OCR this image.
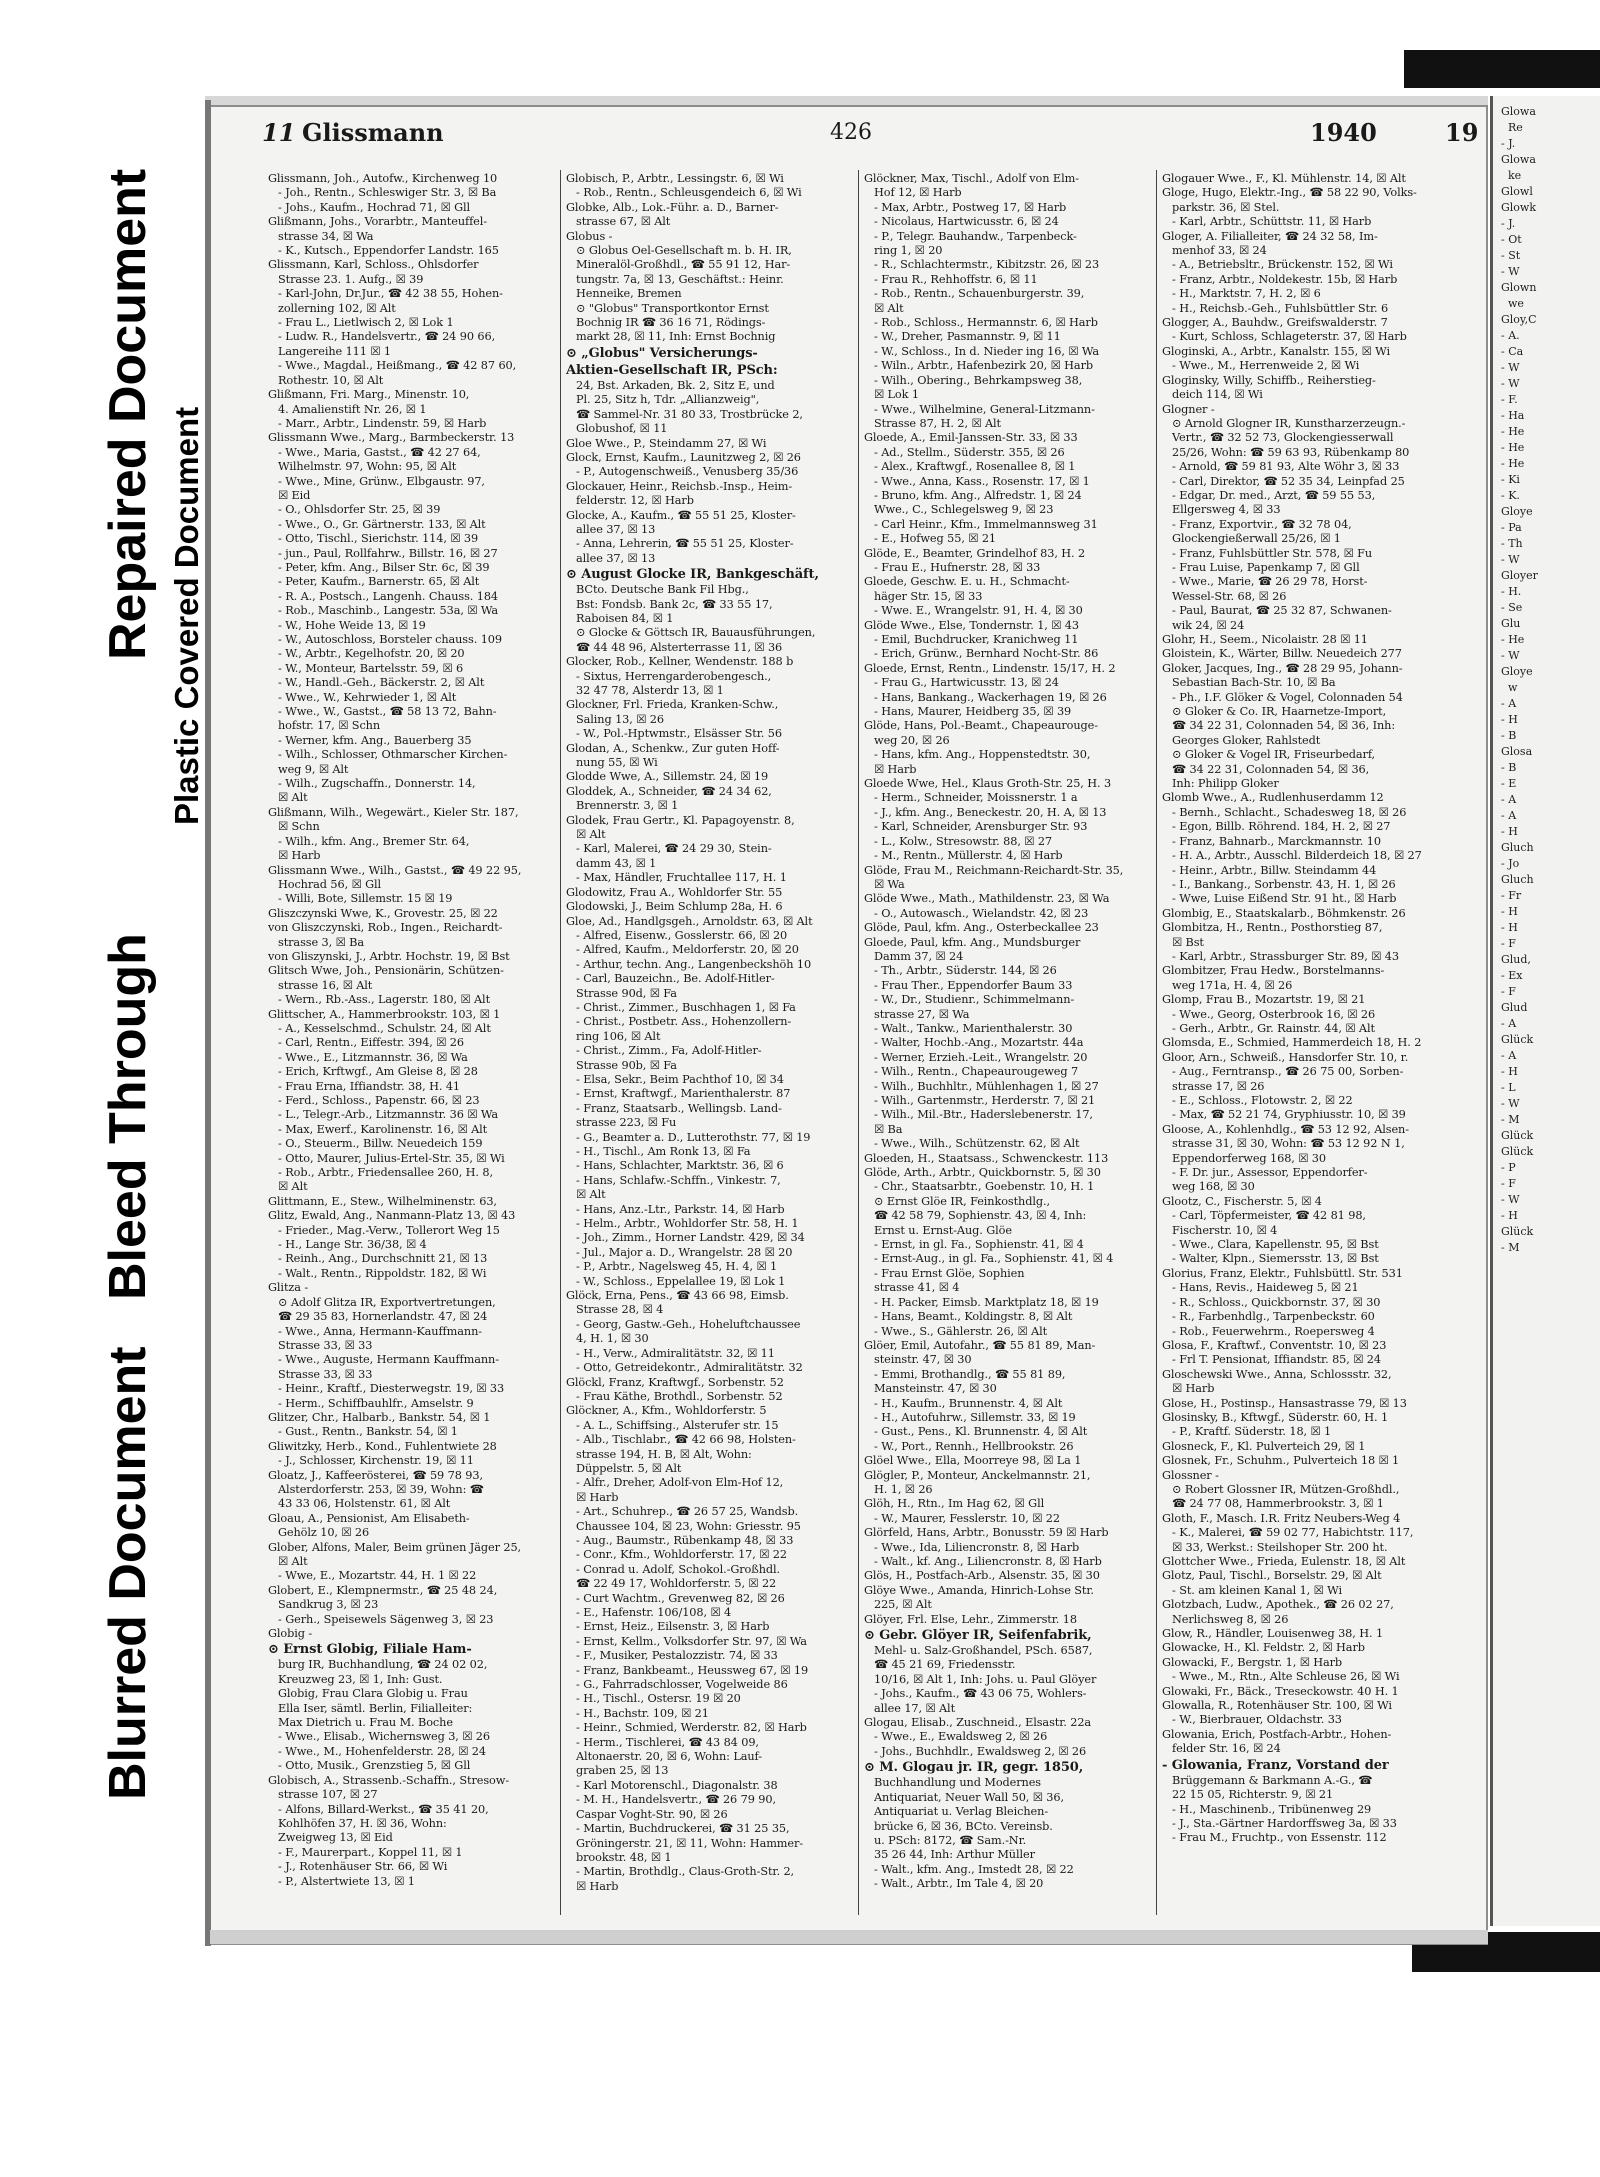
Bleed Through
Repaired Document Plastic Covered Document
Blurred Document
Glowa
Re
- J.
Glowa
ke
Glowl
Glowk
- J.
- Ot
- St
- W
Glown
we
Gloy,C
- A.
- Ca
- W
- W
- F.
- Ha
- He
- He
- He
- Ki
- K.
Gloye
- Pa
- Th
- W
Gloyer
- H.
- Se
Glu
- He
- W
Gloye
w
- A
- H
- B
Glosa
- B
- E
- A
- A
- H
Gluch
- Jo
Gluch
- Fr
- H
- H
- F
Glud,
- Ex
- F
Glud
- A
Glück
- A
- H
- L
- W
- M
Glück
Glück
- P
- F
- W
- H
Glück
- M
11 Glissmann	426	1940	19
Glissmann, Joh., Autofw., Kirchenweg 10
- Joh., Rentn., Schleswiger Str. 3, ☒ Ba
- Johs., Kaufm., Hochrad 71, ☒ Gll
Glißmann, Johs., Vorarbtr., Manteuffel-
strasse 34, ☒ Wa
- K., Kutsch., Eppendorfer Landstr. 165
Glissmann, Karl, Schloss., Ohlsdorfer
Strasse 23. 1. Aufg., ☒ 39
- Karl-John, Dr.Jur., ☎ 42 38 55, Hohen-
zollerning 102, ☒ Alt
- Frau L., Lietlwisch 2, ☒ Lok 1
- Ludw. R., Handelsvertr., ☎ 24 90 66,
Langereihe 111 ☒ 1
- Wwe., Magdal., Heißmang., ☎ 42 87 60,
Rothestr. 10, ☒ Alt
Glißmann, Fri. Marg., Minenstr. 10,
4. Amalienstift Nr. 26, ☒ 1
- Marr., Arbtr., Lindenstr. 59, ☒ Harb
Glissmann Wwe., Marg., Barmbeckerstr. 13
- Wwe., Maria, Gastst., ☎ 42 27 64,
Wilhelmstr. 97, Wohn: 95, ☒ Alt
- Wwe., Mine, Grünw., Elbgaustr. 97,
☒ Eid
- O., Ohlsdorfer Str. 25, ☒ 39
- Wwe., O., Gr. Gärtnerstr. 133, ☒ Alt
- Otto, Tischl., Sierichstr. 114, ☒ 39
- jun., Paul, Rollfahrw., Billstr. 16, ☒ 27
- Peter, kfm. Ang., Bilser Str. 6c, ☒ 39
- Peter, Kaufm., Barnerstr. 65, ☒ Alt
- R. A., Postsch., Langenh. Chauss. 184
- Rob., Maschinb., Langestr. 53a, ☒ Wa
- W., Hohe Weide 13, ☒ 19
- W., Autoschloss, Borsteler chauss. 109
- W., Arbtr., Kegelhofstr. 20, ☒ 20
- W., Monteur, Bartelsstr. 59, ☒ 6
- W., Handl.-Geh., Bäckerstr. 2, ☒ Alt
- Wwe., W., Kehrwieder 1, ☒ Alt
- Wwe., W., Gastst., ☎ 58 13 72, Bahn-
hofstr. 17, ☒ Schn
- Werner, kfm. Ang., Bauerberg 35
- Wilh., Schlosser, Othmarscher Kirchen-
weg 9, ☒ Alt
- Wilh., Zugschaffn., Donnerstr. 14,
☒ Alt
Glißmann, Wilh., Wegewärt., Kieler Str. 187,
☒ Schn
- Wilh., kfm. Ang., Bremer Str. 64,
☒ Harb
Glissmann Wwe., Wilh., Gastst., ☎ 49 22 95,
Hochrad 56, ☒ Gll
- Willi, Bote, Sillemstr. 15 ☒ 19
Gliszczynski Wwe, K., Grovestr. 25, ☒ 22
von Gliszczynski, Rob., Ingen., Reichardt-
strasse 3, ☒ Ba
von Gliszynski, J., Arbtr. Hochstr. 19, ☒ Bst
Glitsch Wwe, Joh., Pensionärin, Schützen-
strasse 16, ☒ Alt
- Wern., Rb.-Ass., Lagerstr. 180, ☒ Alt
Glittscher, A., Hammerbrookstr. 103, ☒ 1
- A., Kesselschmd., Schulstr. 24, ☒ Alt
- Carl, Rentn., Eiffestr. 394, ☒ 26
- Wwe., E., Litzmannstr. 36, ☒ Wa
- Erich, Krftwgf., Am Gleise 8, ☒ 28
- Frau Erna, Iffiandstr. 38, H. 41
- Ferd., Schloss., Papenstr. 66, ☒ 23
- L., Telegr.-Arb., Litzmannstr. 36 ☒ Wa
- Max, Ewerf., Karolinenstr. 16, ☒ Alt
- O., Steuerm., Billw. Neuedeich 159
- Otto, Maurer, Julius-Ertel-Str. 35, ☒ Wi
- Rob., Arbtr., Friedensallee 260, H. 8,
☒ Alt
Glittmann, E., Stew., Wilhelminenstr. 63,
Glitz, Ewald, Ang., Nanmann-Platz 13, ☒ 43
- Frieder., Mag.-Verw., Tollerort Weg 15
- H., Lange Str. 36/38, ☒ 4
- Reinh., Ang., Durchschnitt 21, ☒ 13
- Walt., Rentn., Rippoldstr. 182, ☒ Wi
Glitza -
⊙ Adolf Glitza IR, Exportvertretungen,
☎ 29 35 83, Hornerlandstr. 47, ☒ 24
- Wwe., Anna, Hermann-Kauffmann-
Strasse 33, ☒ 33
- Wwe., Auguste, Hermann Kauffmann-
Strasse 33, ☒ 33
- Heinr., Kraftf., Diesterwegstr. 19, ☒ 33
- Herm., Schiffbauhlfr., Amselstr. 9
Glitzer, Chr., Halbarb., Bankstr. 54, ☒ 1
- Gust., Rentn., Bankstr. 54, ☒ 1
Gliwitzky, Herb., Kond., Fuhlentwiete 28
- J., Schlosser, Kirchenstr. 19, ☒ 11
Gloatz, J., Kaffeerösterei, ☎ 59 78 93,
Alsterdorferstr. 253, ☒ 39, Wohn: ☎
43 33 06, Holstenstr. 61, ☒ Alt
Gloau, A., Pensionist, Am Elisabeth-
Gehölz 10, ☒ 26
Glober, Alfons, Maler, Beim grünen Jäger 25,
☒ Alt
- Wwe, E., Mozartstr. 44, H. 1 ☒ 22
Globert, E., Klempnermstr., ☎ 25 48 24,
Sandkrug 3, ☒ 23
- Gerh., Speisewels Sägenweg 3, ☒ 23
Globig -
⊙ Ernst Globig, Filiale Ham-
burg IR, Buchhandlung, ☎ 24 02 02,
Kreuzweg 23, ☒ 1, Inh: Gust.
Globig, Frau Clara Globig u. Frau
Ella Iser, sämtl. Berlin, Filialleiter:
Max Dietrich u. Frau M. Boche
- Wwe., Elisab., Wichernsweg 3, ☒ 26
- Wwe., M., Hohenfelderstr. 28, ☒ 24
- Otto, Musik., Grenzstieg 5, ☒ Gll
Globisch, A., Strassenb.-Schaffn., Stresow-
strasse 107, ☒ 27
- Alfons, Billard-Werkst., ☎ 35 41 20,
Kohlhöfen 37, H. ☒ 36, Wohn:
Zweigweg 13, ☒ Eid
- F., Maurerpart., Koppel 11, ☒ 1
- J., Rotenhäuser Str. 66, ☒ Wi
- P., Alstertwiete 13, ☒ 1
Globisch, P., Arbtr., Lessingstr. 6, ☒ Wi
- Rob., Rentn., Schleusgendeich 6, ☒ Wi
Globke, Alb., Lok.-Führ. a. D., Barner-
strasse 67, ☒ Alt
Globus -
⊙ Globus Oel-Gesellschaft m. b. H. IR,
Mineralöl-Großhdl., ☎ 55 91 12, Har-
tungstr. 7a, ☒ 13, Geschäftst.: Heinr.
Henneike, Bremen
⊙ "Globus" Transportkontor Ernst
Bochnig IR ☎ 36 16 71, Rödings-
markt 28, ☒ 11, Inh: Ernst Bochnig
⊙ „Globus" Versicherungs-
Aktien-Gesellschaft IR, PSch:
24, Bst. Arkaden, Bk. 2, Sitz E, und
Pl. 25, Sitz h, Tdr. „Allianzweig",
☎ Sammel-Nr. 31 80 33, Trostbrücke 2,
Globushof, ☒ 11
Gloe Wwe., P., Steindamm 27, ☒ Wi
Glock, Ernst, Kaufm., Launitzweg 2, ☒ 26
- P., Autogenschweiß., Venusberg 35/36
Glockauer, Heinr., Reichsb.-Insp., Heim-
felderstr. 12, ☒ Harb
Glocke, A., Kaufm., ☎ 55 51 25, Kloster-
allee 37, ☒ 13
- Anna, Lehrerin, ☎ 55 51 25, Kloster-
allee 37, ☒ 13
⊙ August Glocke IR, Bankgeschäft,
BCto. Deutsche Bank Fil Hbg.,
Bst: Fondsb. Bank 2c, ☎ 33 55 17,
Raboisen 84, ☒ 1
⊙ Glocke & Göttsch IR, Bauausführungen,
☎ 44 48 96, Alsterterrasse 11, ☒ 36
Glocker, Rob., Kellner, Wendenstr. 188 b
- Sixtus, Herrengarderobengesch.,
32 47 78, Alsterdr 13, ☒ 1
Glockner, Frl. Frieda, Kranken-Schw.,
Saling 13, ☒ 26
- W., Pol.-Hptwmstr., Elsässer Str. 56
Glodan, A., Schenkw., Zur guten Hoff-
nung 55, ☒ Wi
Glodde Wwe, A., Sillemstr. 24, ☒ 19
Gloddek, A., Schneider, ☎ 24 34 62,
Brennerstr. 3, ☒ 1
Glodek, Frau Gertr., Kl. Papagoyenstr. 8,
☒ Alt
- Karl, Malerei, ☎ 24 29 30, Stein-
damm 43, ☒ 1
- Max, Händler, Fruchtallee 117, H. 1
Glodowitz, Frau A., Wohldorfer Str. 55
Glodowski, J., Beim Schlump 28a, H. 6
Gloe, Ad., Handlgsgeh., Arnoldstr. 63, ☒ Alt
- Alfred, Eisenw., Gosslerstr. 66, ☒ 20
- Alfred, Kaufm., Meldorferstr. 20, ☒ 20
- Arthur, techn. Ang., Langenbeckshöh 10
- Carl, Bauzeichn., Be. Adolf-Hitler-
Strasse 90d, ☒ Fa
- Christ., Zimmer., Buschhagen 1, ☒ Fa
- Christ., Postbetr. Ass., Hohenzollern-
ring 106, ☒ Alt
- Christ., Zimm., Fa, Adolf-Hitler-
Strasse 90b, ☒ Fa
- Elsa, Sekr., Beim Pachthof 10, ☒ 34
- Ernst, Kraftwgf., Marienthalerstr. 87
- Franz, Staatsarb., Wellingsb. Land-
strasse 223, ☒ Fu
- G., Beamter a. D., Lutterothstr. 77, ☒ 19
- H., Tischl., Am Ronk 13, ☒ Fa
- Hans, Schlachter, Marktstr. 36, ☒ 6
- Hans, Schlafw.-Schffn., Vinkestr. 7,
☒ Alt
- Hans, Anz.-Ltr., Parkstr. 14, ☒ Harb
- Helm., Arbtr., Wohldorfer Str. 58, H. 1
- Joh., Zimm., Horner Landstr. 429, ☒ 34
- Jul., Major a. D., Wrangelstr. 28 ☒ 20
- P., Arbtr., Nagelsweg 45, H. 4, ☒ 1
- W., Schloss., Eppelallee 19, ☒ Lok 1
Glöck, Erna, Pens., ☎ 43 66 98, Eimsb.
Strasse 28, ☒ 4
- Georg, Gastw.-Geh., Hoheluftchaussee
4, H. 1, ☒ 30
- H., Verw., Admiralitätstr. 32, ☒ 11
- Otto, Getreidekontr., Admiralitätstr. 32
Glöckl, Franz, Kraftwgf., Sorbenstr. 52
- Frau Käthe, Brothdl., Sorbenstr. 52
Glöckner, A., Kfm., Wohldorferstr. 5
- A. L., Schiffsing., Alsterufer str. 15
- Alb., Tischlabr., ☎ 42 66 98, Holsten-
strasse 194, H. B, ☒ Alt, Wohn:
Düppelstr. 5, ☒ Alt
- Alfr., Dreher, Adolf-von Elm-Hof 12,
☒ Harb
- Art., Schuhrep., ☎ 26 57 25, Wandsb.
Chaussee 104, ☒ 23, Wohn: Griesstr. 95
- Aug., Baumstr., Rübenkamp 48, ☒ 33
- Conr., Kfm., Wohldorferstr. 17, ☒ 22
- Conrad u. Adolf, Schokol.-Großhdl.
☎ 22 49 17, Wohldorferstr. 5, ☒ 22
- Curt Wachtm., Grevenweg 82, ☒ 26
- E., Hafenstr. 106/108, ☒ 4
- Ernst, Heiz., Eilsenstr. 3, ☒ Harb
- Ernst, Kellm., Volksdorfer Str. 97, ☒ Wa
- F., Musiker, Pestalozzistr. 74, ☒ 33
- Franz, Bankbeamt., Heussweg 67, ☒ 19
- G., Fahrradschlosser, Vogelweide 86
- H., Tischl., Ostersr. 19 ☒ 20
- H., Bachstr. 109, ☒ 21
- Heinr., Schmied, Werderstr. 82, ☒ Harb
- Herm., Tischlerei, ☎ 43 84 09,
Altonaerstr. 20, ☒ 6, Wohn: Lauf-
graben 25, ☒ 13
- Karl Motorenschl., Diagonalstr. 38
- M. H., Handelsvertr., ☎ 26 79 90,
Caspar Voght-Str. 90, ☒ 26
- Martin, Buchdruckerei, ☎ 31 25 35,
Gröningerstr. 21, ☒ 11, Wohn: Hammer-
brookstr. 48, ☒ 1
- Martin, Brothdlg., Claus-Groth-Str. 2,
☒ Harb
Glöckner, Max, Tischl., Adolf von Elm-
Hof 12, ☒ Harb
- Max, Arbtr., Postweg 17, ☒ Harb
- Nicolaus, Hartwicusstr. 6, ☒ 24
- P., Telegr. Bauhandw., Tarpenbeck-
ring 1, ☒ 20
- R., Schlachtermstr., Kibitzstr. 26, ☒ 23
- Frau R., Rehhoffstr. 6, ☒ 11
- Rob., Rentn., Schauenburgerstr. 39,
☒ Alt
- Rob., Schloss., Hermannstr. 6, ☒ Harb
- W., Dreher, Pasmannstr. 9, ☒ 11
- W., Schloss., In d. Nieder ing 16, ☒ Wa
- Wiln., Arbtr., Hafenbezirk 20, ☒ Harb
- Wilh., Obering., Behrkampsweg 38,
☒ Lok 1
- Wwe., Wilhelmine, General-Litzmann-
Strasse 87, H. 2, ☒ Alt
Gloede, A., Emil-Janssen-Str. 33, ☒ 33
- Ad., Stellm., Süderstr. 355, ☒ 26
- Alex., Kraftwgf., Rosenallee 8, ☒ 1
- Wwe., Anna, Kass., Rosenstr. 17, ☒ 1
- Bruno, kfm. Ang., Alfredstr. 1, ☒ 24
Wwe., C., Schlegelsweg 9, ☒ 23
- Carl Heinr., Kfm., Immelmannsweg 31
- E., Hofweg 55, ☒ 21
Glöde, E., Beamter, Grindelhof 83, H. 2
- Frau E., Hufnerstr. 28, ☒ 33
Gloede, Geschw. E. u. H., Schmacht-
häger Str. 15, ☒ 33
- Wwe. E., Wrangelstr. 91, H. 4, ☒ 30
Glöde Wwe., Else, Tondernstr. 1, ☒ 43
- Emil, Buchdrucker, Kranichweg 11
- Erich, Grünw., Bernhard Nocht-Str. 86
Gloede, Ernst, Rentn., Lindenstr. 15/17, H. 2
- Frau G., Hartwicusstr. 13, ☒ 24
- Hans, Bankang., Wackerhagen 19, ☒ 26
- Hans, Maurer, Heidberg 35, ☒ 39
Glöde, Hans, Pol.-Beamt., Chapeaurouge-
weg 20, ☒ 26
- Hans, kfm. Ang., Hoppenstedtstr. 30,
☒ Harb
Gloede Wwe, Hel., Klaus Groth-Str. 25, H. 3
- Herm., Schneider, Moissnerstr. 1 a
- J., kfm. Ang., Beneckestr. 20, H. A, ☒ 13
- Karl, Schneider, Arensburger Str. 93
- L., Kolw., Stresowstr. 88, ☒ 27
- M., Rentn., Müllerstr. 4, ☒ Harb
Glöde, Frau M., Reichmann-Reichardt-Str. 35,
☒ Wa
Glöde Wwe., Math., Mathildenstr. 23, ☒ Wa
- O., Autowasch., Wielandstr. 42, ☒ 23
Glöde, Paul, kfm. Ang., Osterbeckallee 23
Gloede, Paul, kfm. Ang., Mundsburger
Damm 37, ☒ 24
- Th., Arbtr., Süderstr. 144, ☒ 26
- Frau Ther., Eppendorfer Baum 33
- W., Dr., Studienr., Schimmelmann-
strasse 27, ☒ Wa
- Walt., Tankw., Marienthalerstr. 30
- Walter, Hochb.-Ang., Mozartstr. 44a
- Werner, Erzieh.-Leit., Wrangelstr. 20
- Wilh., Rentn., Chapeaurougeweg 7
- Wilh., Buchhltr., Mühlenhagen 1, ☒ 27
- Wilh., Gartenmstr., Herderstr. 7, ☒ 21
- Wilh., Mil.-Btr., Haderslebenerstr. 17,
☒ Ba
- Wwe., Wilh., Schützenstr. 62, ☒ Alt
Gloeden, H., Staatsass., Schwenckestr. 113
Glöde, Arth., Arbtr., Quickbornstr. 5, ☒ 30
- Chr., Staatsarbtr., Goebenstr. 10, H. 1
⊙ Ernst Glöe IR, Feinkosthdlg.,
☎ 42 58 79, Sophienstr. 43, ☒ 4, Inh:
Ernst u. Ernst-Aug. Glöe
- Ernst, in gl. Fa., Sophienstr. 41, ☒ 4
- Ernst-Aug., in gl. Fa., Sophienstr. 41, ☒ 4
- Frau Ernst Glöe, Sophien
strasse 41, ☒ 4
- H. Packer, Eimsb. Marktplatz 18, ☒ 19
- Hans, Beamt., Koldingstr. 8, ☒ Alt
- Wwe., S., Gählerstr. 26, ☒ Alt
Glöer, Emil, Autofahr., ☎ 55 81 89, Man-
steinstr. 47, ☒ 30
- Emmi, Brothandlg., ☎ 55 81 89,
Mansteinstr. 47, ☒ 30
- H., Kaufm., Brunnenstr. 4, ☒ Alt
- H., Autofuhrw., Sillemstr. 33, ☒ 19
- Gust., Pens., Kl. Brunnenstr. 4, ☒ Alt
- W., Port., Rennh., Hellbrookstr. 26
Glöel Wwe., Ella, Moorreye 98, ☒ La 1
Glögler, P., Monteur, Anckelmannstr. 21,
H. 1, ☒ 26
Glöh, H., Rtn., Im Hag 62, ☒ Gll
- W., Maurer, Fesslerstr. 10, ☒ 22
Glörfeld, Hans, Arbtr., Bonusstr. 59 ☒ Harb
- Wwe., Ida, Liliencronstr. 8, ☒ Harb
- Walt., kf. Ang., Liliencronstr. 8, ☒ Harb
Glös, H., Postfach-Arb., Alsenstr. 35, ☒ 30
Glöye Wwe., Amanda, Hinrich-Lohse Str.
225, ☒ Alt
Glöyer, Frl. Else, Lehr., Zimmerstr. 18
⊙ Gebr. Glöyer IR, Seifenfabrik,
Mehl- u. Salz-Großhandel, PSch. 6587,
☎ 45 21 69, Friedensstr.
10/16, ☒ Alt 1, Inh: Johs. u. Paul Glöyer
- Johs., Kaufm., ☎ 43 06 75, Wohlers-
allee 17, ☒ Alt
Glogau, Elisab., Zuschneid., Elsastr. 22a
- Wwe., E., Ewaldsweg 2, ☒ 26
- Johs., Buchhdlr., Ewaldsweg 2, ☒ 26
⊙ M. Glogau jr. IR, gegr. 1850,
Buchhandlung und Modernes
Antiquariat, Neuer Wall 50, ☒ 36,
Antiquariat u. Verlag Bleichen-
brücke 6, ☒ 36, BCto. Vereinsb.
u. PSch: 8172, ☎ Sam.-Nr.
35 26 44, Inh: Arthur Müller
- Walt., kfm. Ang., Imstedt 28, ☒ 22
- Walt., Arbtr., Im Tale 4, ☒ 20
Glogauer Wwe., F., Kl. Mühlenstr. 14, ☒ Alt
Gloge, Hugo, Elektr.-Ing., ☎ 58 22 90, Volks-
parkstr. 36, ☒ Stel.
- Karl, Arbtr., Schüttstr. 11, ☒ Harb
Gloger, A. Filialleiter, ☎ 24 32 58, Im-
menhof 33, ☒ 24
- A., Betriebsltr., Brückenstr. 152, ☒ Wi
- Franz, Arbtr., Noldekestr. 15b, ☒ Harb
- H., Marktstr. 7, H. 2, ☒ 6
- H., Reichsb.-Geh., Fuhlsbüttler Str. 6
Glogger, A., Bauhdw., Greifswalderstr. 7
- Kurt, Schloss, Schlageterstr. 37, ☒ Harb
Gloginski, A., Arbtr., Kanalstr. 155, ☒ Wi
- Wwe., M., Herrenweide 2, ☒ Wi
Gloginsky, Willy, Schiffb., Reiherstieg-
deich 114, ☒ Wi
Glogner -
⊙ Arnold Glogner IR, Kunstharzerzeugn.-
Vertr., ☎ 32 52 73, Glockengiesserwall
25/26, Wohn: ☎ 59 63 93, Rübenkamp 80
- Arnold, ☎ 59 81 93, Alte Wöhr 3, ☒ 33
- Carl, Direktor, ☎ 52 35 34, Leinpfad 25
- Edgar, Dr. med., Arzt, ☎ 59 55 53,
Ellgersweg 4, ☒ 33
- Franz, Exportvir., ☎ 32 78 04,
Glockengießerwall 25/26, ☒ 1
- Franz, Fuhlsbüttler Str. 578, ☒ Fu
- Frau Luise, Papenkamp 7, ☒ Gll
- Wwe., Marie, ☎ 26 29 78, Horst-
Wessel-Str. 68, ☒ 26
- Paul, Baurat, ☎ 25 32 87, Schwanen-
wik 24, ☒ 24
Glohr, H., Seem., Nicolaistr. 28 ☒ 11
Gloistein, K., Wärter, Billw. Neuedeich 277
Gloker, Jacques, Ing., ☎ 28 29 95, Johann-
Sebastian Bach-Str. 10, ☒ Ba
- Ph., I.F. Glöker & Vogel, Colonnaden 54
⊙ Gloker & Co. IR, Haarnetze-Import,
☎ 34 22 31, Colonnaden 54, ☒ 36, Inh:
Georges Gloker, Rahlstedt
⊙ Gloker & Vogel IR, Friseurbedarf,
☎ 34 22 31, Colonnaden 54, ☒ 36,
Inh: Philipp Gloker
Glomb Wwe., A., Rudlenhuserdamm 12
- Bernh., Schlacht., Schadesweg 18, ☒ 26
- Egon, Billb. Röhrend. 184, H. 2, ☒ 27
- Franz, Bahnarb., Marckmannstr. 10
- H. A., Arbtr., Ausschl. Bilderdeich 18, ☒ 27
- Heinr., Arbtr., Billw. Steindamm 44
- I., Bankang., Sorbenstr. 43, H. 1, ☒ 26
- Wwe, Luise Eißend Str. 91 ht., ☒ Harb
Glombig, E., Staatskalarb., Böhmkenstr. 26
Glombitza, H., Rentn., Posthorstieg 87,
☒ Bst
- Karl, Arbtr., Strassburger Str. 89, ☒ 43
Glombitzer, Frau Hedw., Borstelmanns-
weg 171a, H. 4, ☒ 26
Glomp, Frau B., Mozartstr. 19, ☒ 21
- Wwe., Georg, Osterbrook 16, ☒ 26
- Gerh., Arbtr., Gr. Rainstr. 44, ☒ Alt
Glomsda, E., Schmied, Hammerdeich 18, H. 2
Gloor, Arn., Schweiß., Hansdorfer Str. 10, r.
- Aug., Ferntransp., ☎ 26 75 00, Sorben-
strasse 17, ☒ 26
- E., Schloss., Flotowstr. 2, ☒ 22
- Max, ☎ 52 21 74, Gryphiusstr. 10, ☒ 39
Gloose, A., Kohlenhdlg., ☎ 53 12 92, Alsen-
strasse 31, ☒ 30, Wohn: ☎ 53 12 92 N 1,
Eppendorferweg 168, ☒ 30
- F. Dr. jur., Assessor, Eppendorfer-
weg 168, ☒ 30
Glootz, C., Fischerstr. 5, ☒ 4
- Carl, Töpfermeister, ☎ 42 81 98,
Fischerstr. 10, ☒ 4
- Wwe., Clara, Kapellenstr. 95, ☒ Bst
- Walter, Klpn., Siemersstr. 13, ☒ Bst
Glorius, Franz, Elektr., Fuhlsbüttl. Str. 531
- Hans, Revis., Haideweg 5, ☒ 21
- R., Schloss., Quickbornstr. 37, ☒ 30
- R., Farbenhdlg., Tarpenbeckstr. 60
- Rob., Feuerwehrm., Roepersweg 4
Glosa, F., Kraftwf., Conventstr. 10, ☒ 23
- Frl T. Pensionat, Iffiandstr. 85, ☒ 24
Gloschewski Wwe., Anna, Schlossstr. 32,
☒ Harb
Glose, H., Postinsp., Hansastrasse 79, ☒ 13
Glosinsky, B., Kftwgf., Süderstr. 60, H. 1
- P., Kraftf. Süderstr. 18, ☒ 1
Glosneck, F., Kl. Pulverteich 29, ☒ 1
Glosnek, Fr., Schuhm., Pulverteich 18 ☒ 1
Glossner -
⊙ Robert Glossner IR, Mützen-Großhdl.,
☎ 24 77 08, Hammerbrookstr. 3, ☒ 1
Gloth, F., Masch. I.R. Fritz Neubers-Weg 4
- K., Malerei, ☎ 59 02 77, Habichtstr. 117,
☒ 33, Werkst.: Steilshoper Str. 200 ht.
Glottcher Wwe., Frieda, Eulenstr. 18, ☒ Alt
Glotz, Paul, Tischl., Borselstr. 29, ☒ Alt
- St. am kleinen Kanal 1, ☒ Wi
Glotzbach, Ludw., Apothek., ☎ 26 02 27,
Nerlichsweg 8, ☒ 26
Glow, R., Händler, Louisenweg 38, H. 1
Glowacke, H., Kl. Feldstr. 2, ☒ Harb
Glowacki, F., Bergstr. 1, ☒ Harb
- Wwe., M., Rtn., Alte Schleuse 26, ☒ Wi
Glowaki, Fr., Bäck., Treseckowstr. 40 H. 1
Glowalla, R., Rotenhäuser Str. 100, ☒ Wi
- W., Bierbrauer, Oldachstr. 33
Glowania, Erich, Postfach-Arbtr., Hohen-
felder Str. 16, ☒ 24
- Glowania, Franz, Vorstand der
Brüggemann & Barkmann A.-G., ☎
22 15 05, Richterstr. 9, ☒ 21
- H., Maschinenb., Tribünenweg 29
- J., Sta.-Gärtner Hardorffsweg 3a, ☒ 33
- Frau M., Fruchtp., von Essenstr. 112
